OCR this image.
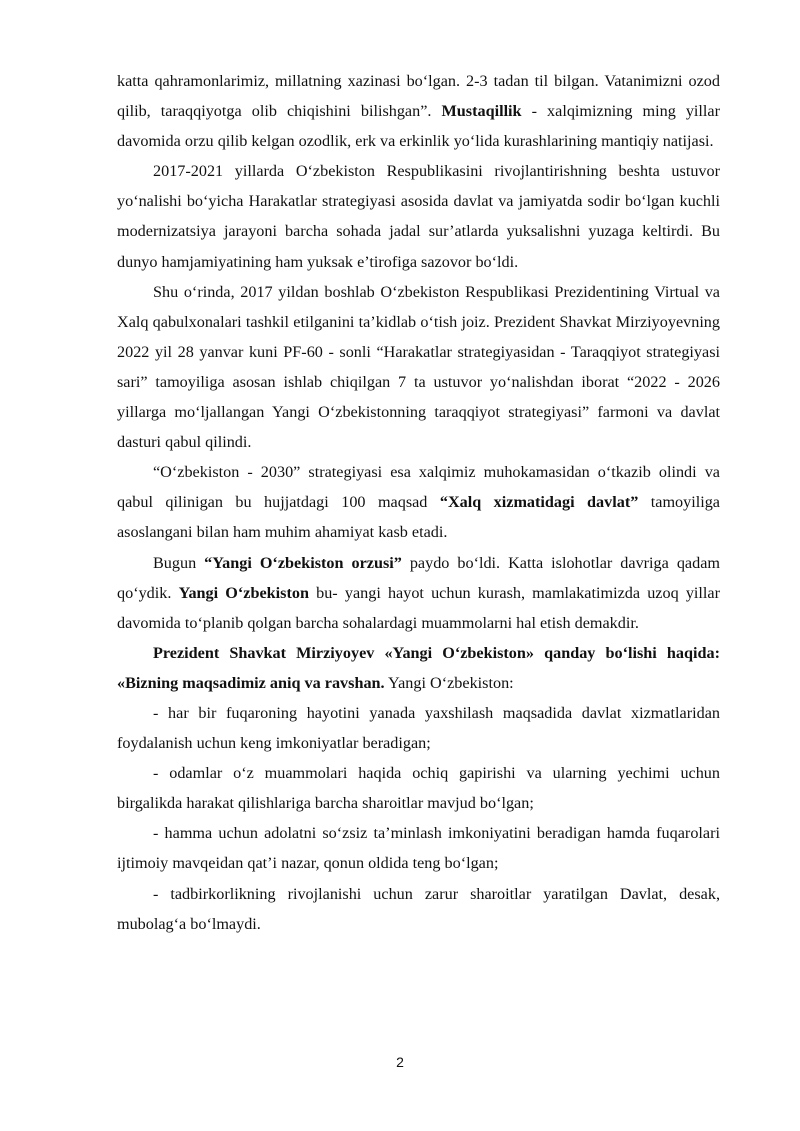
katta qahramonlarimiz, millatning xazinasi bo‘lgan. 2-3 tadan til bilgan. Vatanimizni ozod qilib, taraqqiyotga olib chiqishini bilishgan”. Mustaqillik - xalqimizning ming yillar davomida orzu qilib kelgan ozodlik, erk va erkinlik yo‘lida kurashlarining mantiqiy natijasi.

2017-2021 yillarda O‘zbekiston Respublikasini rivojlantirishning beshta ustuvor yo‘nalishi bo‘yicha Harakatlar strategiyasi asosida davlat va jamiyatda sodir bo‘lgan kuchli modernizatsiya jarayoni barcha sohada jadal sur’atlarda yuksalishni yuzaga keltirdi. Bu dunyo hamjamiyatining ham yuksak e’tirofiga sazovor bo‘ldi.

Shu o‘rinda, 2017 yildan boshlab O‘zbekiston Respublikasi Prezidentining Virtual va Xalq qabulxonalari tashkil etilganini ta’kidlab o‘tish joiz. Prezident Shavkat Mirziyoyevning 2022 yil 28 yanvar kuni PF-60 - sonli “Harakatlar strategiyasidan - Taraqqiyot strategiyasi sari” tamoyiliga asosan ishlab chiqilgan 7 ta ustuvor yo‘nalishdan iborat “2022 - 2026 yillarga mo‘ljallangan Yangi O‘zbekistonning taraqqiyot strategiyasi” farmoni va davlat dasturi qabul qilindi.

“O‘zbekiston - 2030” strategiyasi esa xalqimiz muhokamasidan o‘tkazib olindi va qabul qilinigan bu hujjatdagi 100 maqsad “Xalq xizmatidagi davlat” tamoyiliga asoslangani bilan ham muhim ahamiyat kasb etadi.

Bugun “Yangi O‘zbekiston orzusi” paydo bo‘ldi. Katta islohotlar davriga qadam qo‘ydik. Yangi O‘zbekiston bu- yangi hayot uchun kurash, mamlakatimizda uzoq yillar davomida to‘planib qolgan barcha sohalardagi muammolarni hal etish demakdir.

Prezident Shavkat Mirziyoyev «Yangi O‘zbekiston» qanday bo‘lishi haqida: «Bizning maqsadimiz aniq va ravshan. Yangi O‘zbekiston:

- har bir fuqaroning hayotini yanada yaxshilash maqsadida davlat xizmatlaridan foydalanish uchun keng imkoniyatlar beradigan;

- odamlar o‘z muammolari haqida ochiq gapirishi va ularning yechimi uchun birgalikda harakat qilishlariga barcha sharoitlar mavjud bo‘lgan;

- hamma uchun adolatni so‘zsiz ta’minlash imkoniyatini beradigan hamda fuqarolari ijtimoiy mavqeidan qat’i nazar, qonun oldida teng bo‘lgan;

- tadbirkorlikning rivojlanishi uchun zarur sharoitlar yaratilgan Davlat, desak, mubolag‘a bo‘lmaydi.

2
